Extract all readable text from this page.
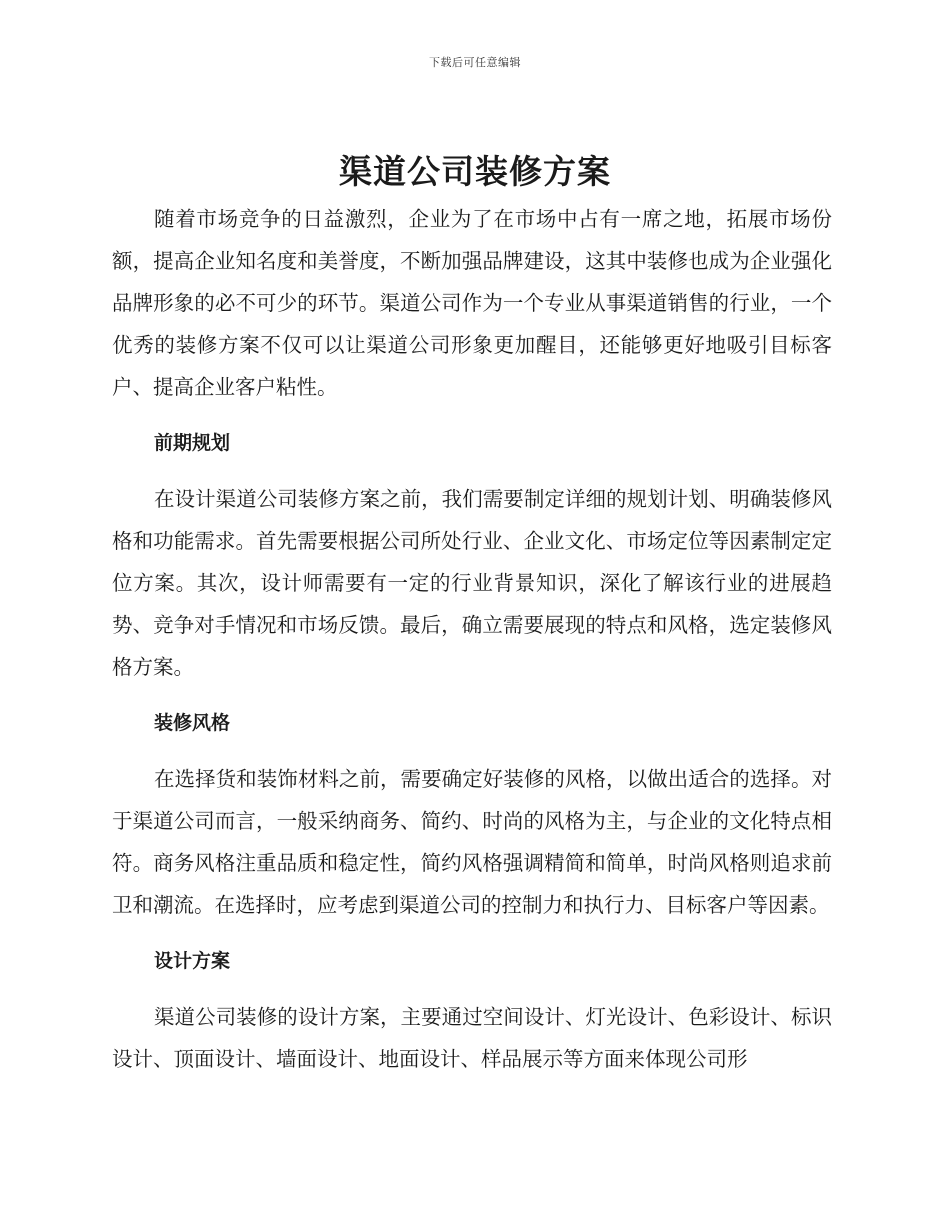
下载后可任意编辑
渠道公司装修方案

随着市场竞争的日益激烈，企业为了在市场中占有一席之地，拓展市场份额，提高企业知名度和美誉度，不断加强品牌建设，这其中装修也成为企业强化品牌形象的必不可少的环节。渠道公司作为一个专业从事渠道销售的行业，一个优秀的装修方案不仅可以让渠道公司形象更加醒目，还能够更好地吸引目标客户、提高企业客户粘性。

前期规划

在设计渠道公司装修方案之前，我们需要制定详细的规划计划、明确装修风格和功能需求。首先需要根据公司所处行业、企业文化、市场定位等因素制定定位方案。其次，设计师需要有一定的行业背景知识，深化了解该行业的进展趋势、竞争对手情况和市场反馈。最后，确立需要展现的特点和风格，选定装修风格方案。

装修风格

在选择货和装饰材料之前，需要确定好装修的风格，以做出适合的选择。对于渠道公司而言，一般采纳商务、简约、时尚的风格为主，与企业的文化特点相符。商务风格注重品质和稳定性，简约风格强调精简和简单，时尚风格则追求前卫和潮流。在选择时，应考虑到渠道公司的控制力和执行力、目标客户等因素。

设计方案

渠道公司装修的设计方案，主要通过空间设计、灯光设计、色彩设计、标识设计、顶面设计、墙面设计、地面设计、样品展示等方面来体现公司形
